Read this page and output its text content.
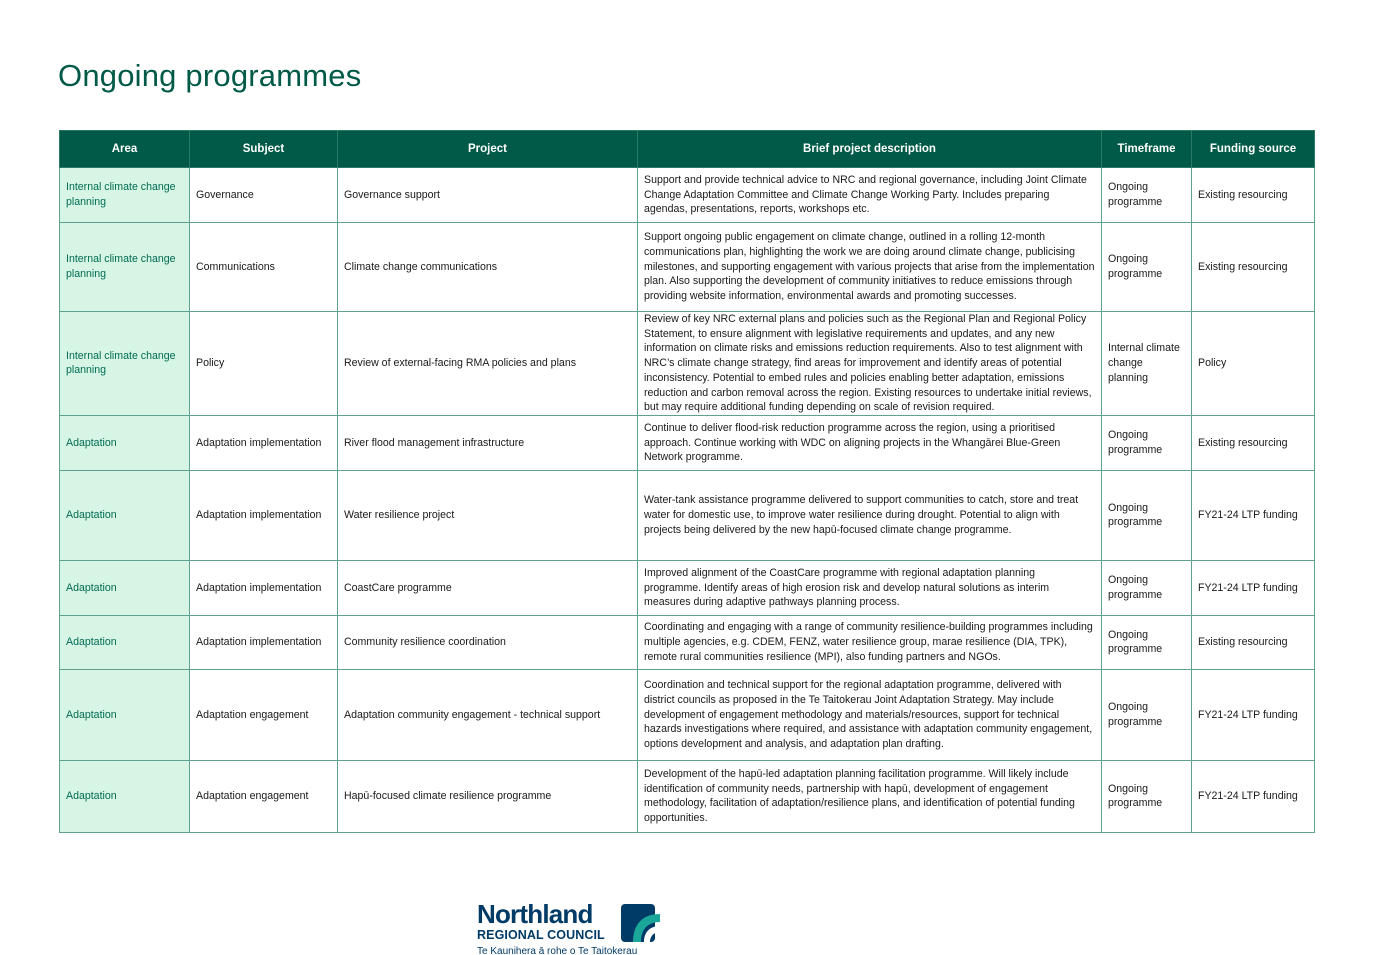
Ongoing programmes
Area	Subject	Project	Brief project description	Timeframe	Funding source
Internal climate change planning	Governance	Governance support	Support and provide technical advice to NRC and regional governance, including Joint Climate Change Adaptation Committee and Climate Change Working Party. Includes preparing agendas, presentations, reports, workshops etc.	Ongoing programme	Existing resourcing
Internal climate change planning	Communications	Climate change communications	Support ongoing public engagement on climate change, outlined in a rolling 12-month communications plan, highlighting the work we are doing around climate change, publicising milestones, and supporting engagement with various projects that arise from the implementation plan. Also supporting the development of community initiatives to reduce emissions through providing website information, environmental awards and promoting successes.	Ongoing programme	Existing resourcing
Internal climate change planning	Policy	Review of external-facing RMA policies and plans	Review of key NRC external plans and policies such as the Regional Plan and Regional Policy Statement, to ensure alignment with legislative requirements and updates, and any new information on climate risks and emissions reduction requirements. Also to test alignment with NRC’s climate change strategy, find areas for improvement and identify areas of potential inconsistency. Potential to embed rules and policies enabling better adaptation, emissions reduction and carbon removal across the region. Existing resources to undertake initial reviews, but may require additional funding depending on scale of revision required.	Internal climate change planning	Policy
Adaptation	Adaptation implementation	River flood management infrastructure	Continue to deliver flood-risk reduction programme across the region, using a prioritised approach. Continue working with WDC on aligning projects in the Whangārei Blue-Green Network programme.	Ongoing programme	Existing resourcing
Adaptation	Adaptation implementation	Water resilience project	Water-tank assistance programme delivered to support communities to catch, store and treat water for domestic use, to improve water resilience during drought. Potential to align with projects being delivered by the new hapū-focused climate change programme.	Ongoing programme	FY21-24 LTP funding
Adaptation	Adaptation implementation	CoastCare programme	Improved alignment of the CoastCare programme with regional adaptation planning programme. Identify areas of high erosion risk and develop natural solutions as interim measures during adaptive pathways planning process.	Ongoing programme	FY21-24 LTP funding
Adaptation	Adaptation implementation	Community resilience coordination	Coordinating and engaging with a range of community resilience-building programmes including multiple agencies, e.g. CDEM, FENZ, water resilience group, marae resilience (DIA, TPK), remote rural communities resilience (MPI), also funding partners and NGOs.	Ongoing programme	Existing resourcing
Adaptation	Adaptation engagement	Adaptation community engagement - technical support	Coordination and technical support for the regional adaptation programme, delivered with district councils as proposed in the Te Taitokerau Joint Adaptation Strategy. May include development of engagement methodology and materials/resources, support for technical hazards investigations where required, and assistance with adaptation community engagement, options development and analysis, and adaptation plan drafting.	Ongoing programme	FY21-24 LTP funding
Adaptation	Adaptation engagement	Hapū-focused climate resilience programme	Development of the hapū-led adaptation planning facilitation programme. Will likely include identification of community needs, partnership with hapū, development of engagement methodology, facilitation of adaptation/resilience plans, and identification of potential funding opportunities.	Ongoing programme	FY21-24 LTP funding
Northland
REGIONAL COUNCIL
Te Kaunihera ā rohe o Te Taitokerau
